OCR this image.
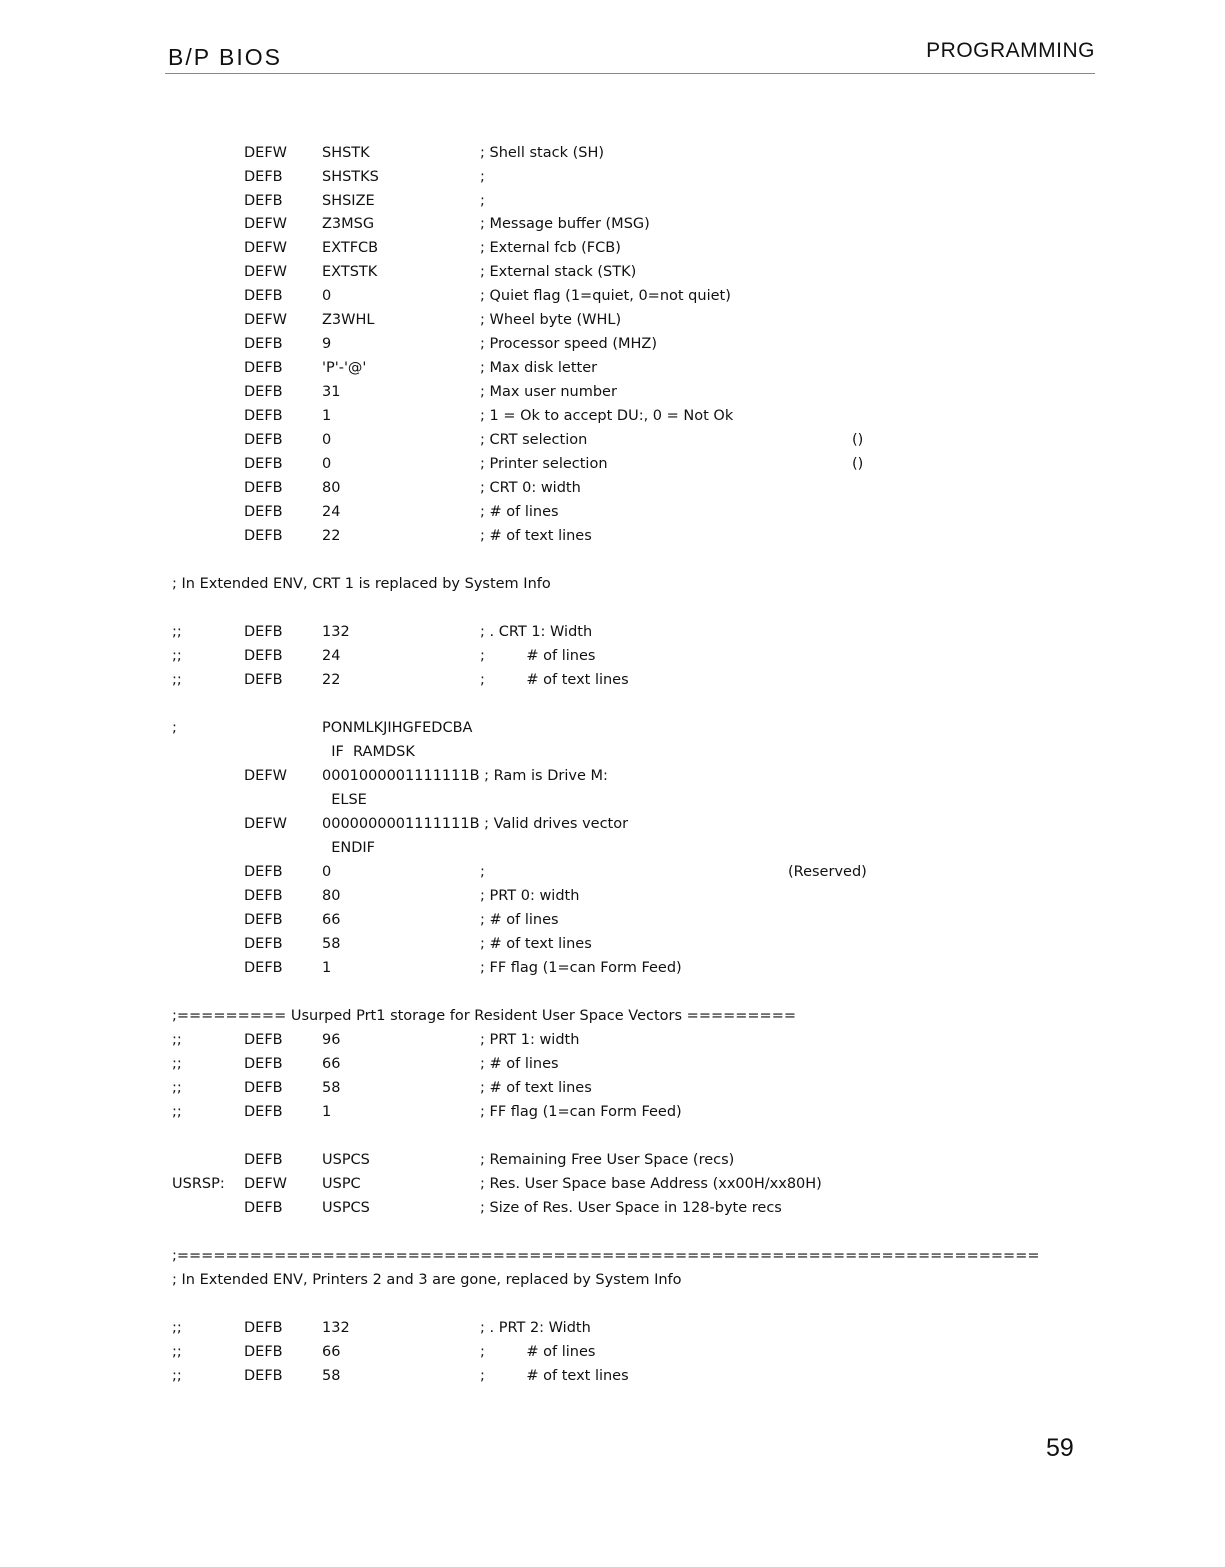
B/P BIOS	PROGRAMMING
DEFW SHSTK	; Shell stack (SH)
DEFB	SHSTKS	;
DEFB	SHSIZE	;
DEFW Z3MSG	; Message buffer (MSG)
DEFW EXTFCB	; External fcb (FCB)
DEFW EXTSTK	; External stack (STK)
DEFB	0	; Quiet flag (1=quiet, 0=not quiet)
DEFW Z3WHL	; Wheel byte (WHL)
DEFB	9	; Processor speed (MHZ)
DEFB	'P'-'@'	; Max disk letter
DEFB	31	; Max user number
DEFB	1	; 1 = Ok to accept DU:, 0 = Not Ok
DEFB	0	; CRT selection	()
DEFB	0	; Printer selection	()
DEFB	80	; CRT 0: width
DEFB	24	; # of lines
DEFB	22	; # of text lines
; In Extended ENV, CRT 1 is replaced by System Info
;;	DEFB	132	; . CRT 1: Width
;;	DEFB	24	;         # of lines
;;	DEFB	22	;         # of text lines
;	PONMLKJIHGFEDCBA
IF  RAMDSK
DEFW 0001000001111111B ; Ram is Drive M:
ELSE
DEFW 0000000001111111B ; Valid drives vector
ENDIF
DEFB	0	;	(Reserved)
DEFB	80	; PRT 0: width
DEFB	66	; # of lines
DEFB	58	; # of text lines
DEFB	1	; FF flag (1=can Form Feed)
;========= Usurped Prt1 storage for Resident User Space Vectors =========
;;	DEFB	96	; PRT 1: width
;;	DEFB	66	; # of lines
;;	DEFB	58	; # of text lines
;;	DEFB	1	; FF flag (1=can Form Feed)
DEFB	USPCS	; Remaining Free User Space (recs)
USRSP: DEFW USPC	; Res. User Space base Address (xx00H/xx80H)
DEFB	USPCS	; Size of Res. User Space in 128-byte recs
;=======================================================================
; In Extended ENV, Printers 2 and 3 are gone, replaced by System Info
;;	DEFB	132	; . PRT 2: Width
;;	DEFB	66	;         # of lines
;;	DEFB	58	;         # of text lines
59
